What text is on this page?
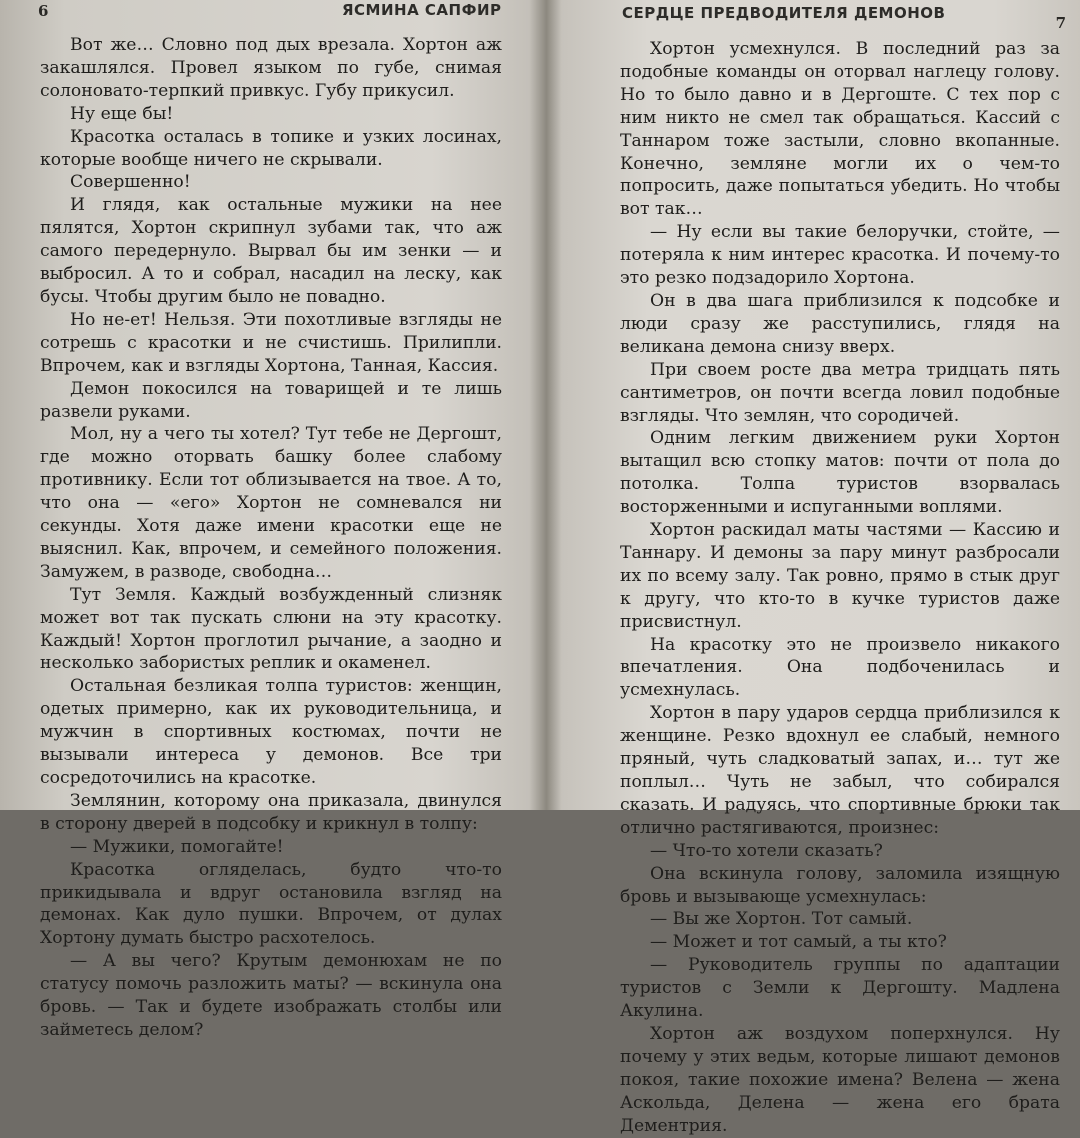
6	ЯСМИНА САПФИР

Вот же… Словно под дых врезала. Хортон аж закашлялся. Провел языком по губе, снимая солоновато-терпкий привкус. Губу прикусил.

Ну еще бы!

Красотка осталась в топике и узких лосинах, которые вообще ничего не скрывали.

Совершенно!

И глядя, как остальные мужики на нее пялятся, Хортон скрипнул зубами так, что аж самого передернуло. Вырвал бы им зенки — и выбросил. А то и собрал, насадил на леску, как бусы. Чтобы другим было не повадно.

Но не-ет! Нельзя. Эти похотливые взгляды не сотрешь с красотки и не счистишь. Прилипли. Впрочем, как и взгляды Хортона, Танная, Кассия.

Демон покосился на товарищей и те лишь развели руками.

Мол, ну а чего ты хотел? Тут тебе не Дергошт, где можно оторвать башку более слабому противнику. Если тот облизывается на твое. А то, что она — «его» Хортон не сомневался ни секунды. Хотя даже имени красотки еще не выяснил. Как, впрочем, и семейного положения. Замужем, в разводе, свободна…

Тут Земля. Каждый возбужденный слизняк может вот так пускать слюни на эту красотку. Каждый! Хортон проглотил рычание, а заодно и несколько забористых реплик и окаменел.

Остальная безликая толпа туристов: женщин, одетых примерно, как их руководительница, и мужчин в спортивных костюмах, почти не вызывали интереса у демонов. Все три сосредоточились на красотке.

Землянин, которому она приказала, двинулся в сторону дверей в подсобку и крикнул в толпу:

— Мужики, помогайте!

Красотка огляделась, будто что-то прикидывала и вдруг остановила взгляд на демонах. Как дуло пушки. Впрочем, от дулах Хортону думать быстро расхотелось.

— А вы чего? Крутым демонюхам не по статусу помочь разложить маты? — вскинула она бровь. — Так и будете изображать столбы или займетесь делом?

СЕРДЦЕ ПРЕДВОДИТЕЛЯ ДЕМОНОВ
7

Хортон усмехнулся. В последний раз за подобные команды он оторвал наглецу голову. Но то было давно и в Дергоште. С тех пор с ним никто не смел так обращаться. Кассий с Таннаром тоже застыли, словно вкопанные. Конечно, земляне могли их о чем-то попросить, даже попытаться убедить. Но чтобы вот так…

— Ну если вы такие белоручки, стойте, — потеряла к ним интерес красотка. И почему-то это резко подзадорило Хортона.

Он в два шага приблизился к подсобке и люди сразу же расступились, глядя на великана демона снизу вверх.

При своем росте два метра тридцать пять сантиметров, он почти всегда ловил подобные взгляды. Что землян, что сородичей.

Одним легким движением руки Хортон вытащил всю стопку матов: почти от пола до потолка. Толпа туристов взорвалась восторженными и испуганными воплями.

Хортон раскидал маты частями — Кассию и Таннару. И демоны за пару минут разбросали их по всему залу. Так ровно, прямо в стык друг к другу, что кто-то в кучке туристов даже присвистнул.

На красотку это не произвело никакого впечатления. Она подбоченилась и усмехнулась.

Хортон в пару ударов сердца приблизился к женщине. Резко вдохнул ее слабый, немного пряный, чуть сладковатый запах, и… тут же поплыл… Чуть не забыл, что собирался сказать. И радуясь, что спортивные брюки так отлично растягиваются, произнес:

— Что-то хотели сказать?

Она вскинула голову, заломила изящную бровь и вызывающе усмехнулась:

— Вы же Хортон. Тот самый.

— Может и тот самый, а ты кто?

— Руководитель группы по адаптации туристов с Земли к Дергошту. Мадлена Акулина.

Хортон аж воздухом поперхнулся. Ну почему у этих ведьм, которые лишают демонов покоя, такие похожие имена? Велена — жена Аскольда, Делена — жена его брата Дементрия.
